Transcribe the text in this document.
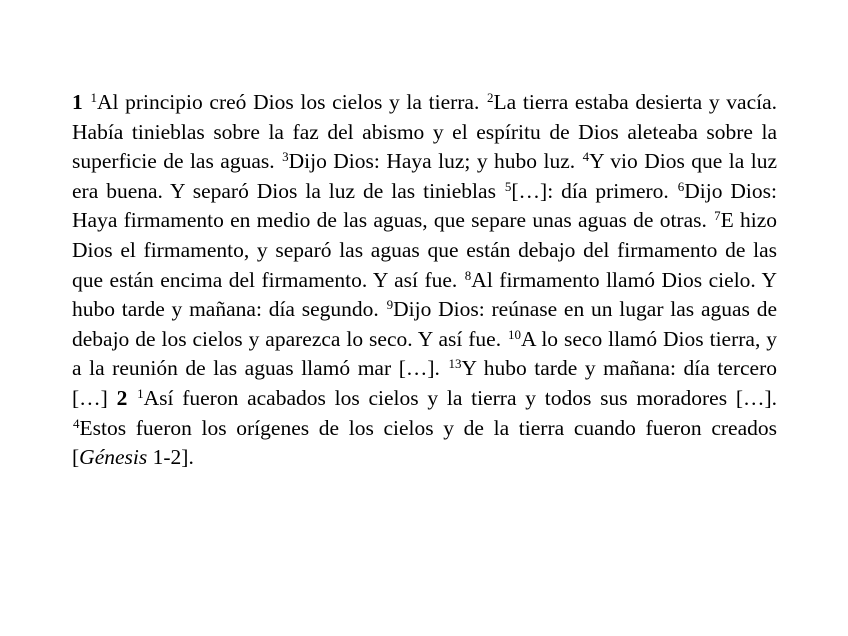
1 $^1$Al principio creó Dios los cielos y la tierra. $^2$La tierra estaba desierta y vacía. Había tinieblas sobre la faz del abismo y el espíritu de Dios aleteaba sobre la superficie de las aguas. $^3$Dijo Dios: Haya luz; y hubo luz. $^4$Y vio Dios que la luz era buena. Y separó Dios la luz de las tinieblas $^5$[…]: día primero. $^6$Dijo Dios: Haya firmamento en medio de las aguas, que separe unas aguas de otras. $^7$E hizo Dios el firmamento, y separó las aguas que están debajo del firmamento de las que están encima del firmamento. Y así fue. $^8$Al firmamento llamó Dios cielo. Y hubo tarde y mañana: día segundo. $^9$Dijo Dios: reúnase en un lugar las aguas de debajo de los cielos y aparezca lo seco. Y así fue. $^{10}$A lo seco llamó Dios tierra, y a la reunión de las aguas llamó mar […]. $^{13}$Y hubo tarde y mañana: día tercero […] 2 $^1$Así fueron acabados los cielos y la tierra y todos sus moradores […]. $^4$Estos fueron los orígenes de los cielos y de la tierra cuando fueron creados [Génesis 1-2].
